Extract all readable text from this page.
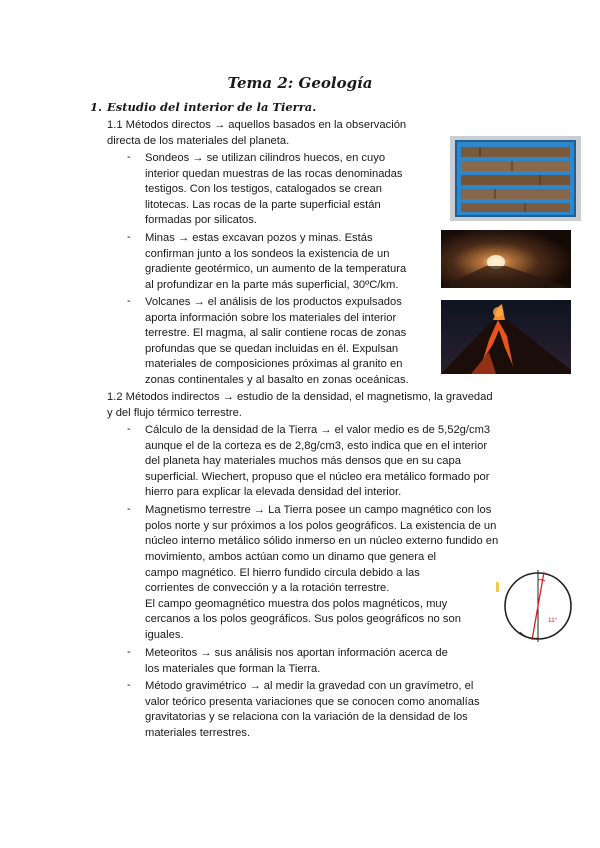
Tema 2: Geología
1. Estudio del interior de la Tierra.
1.1 Métodos directos → aquellos basados en la observación
directa de los materiales del planeta.
- Sondeos → se utilizan cilindros huecos, en cuyo
interior quedan muestras de las rocas denominadas
testigos. Con los testigos, catalogados se crean
litotecas. Las rocas de la parte superficial están
formadas por silicatos.
- Minas → estas excavan pozos y minas. Estás
confirman junto a los sondeos la existencia de un
gradiente geotérmico, un aumento de la temperatura
al profundizar en la parte más superficial, 30ºC/km.
- Volcanes → el análisis de los productos expulsados
aporta información sobre los materiales del interior
terrestre. El magma, al salir contiene rocas de zonas
profundas que se quedan incluidas en él. Expulsan
materiales de composiciones próximas al granito en
zonas continentales y al basalto en zonas oceánicas.
1.2 Métodos indirectos → estudio de la densidad, el magnetismo, la gravedad
y del flujo térmico terrestre.
- Cálculo de la densidad de la Tierra → el valor medio es de 5,52g/cm3
aunque el de la corteza es de 2,8g/cm3, esto indica que en el interior
del planeta hay materiales muchos más densos que en su capa
superficial. Wiechert, propuso que el núcleo era metálico formado por
hierro para explicar la elevada densidad del interior.
- Magnetismo terrestre → La Tierra posee un campo magnético con los
polos norte y sur próximos a los polos geográficos. La existencia de un
núcleo interno metálico sólido inmerso en un núcleo externo fundido en
movimiento, ambos actúan como un dinamo que genera el
campo magnético. El hierro fundido circula debido a las
corrientes de convección y a la rotación terrestre.
El campo geomagnético muestra dos polos magnéticos, muy
cercanos a los polos geográficos. Sus polos geográficos no son
iguales.
- Meteoritos → sus análisis nos aportan información acerca de
los materiales que forman la Tierra.
- Método gravimétrico → al medir la gravedad con un gravímetro, el
valor teórico presenta variaciones que se conocen como anomalías
gravitatorias y se relaciona con la variación de la densidad de los
materiales terrestres.
11°
